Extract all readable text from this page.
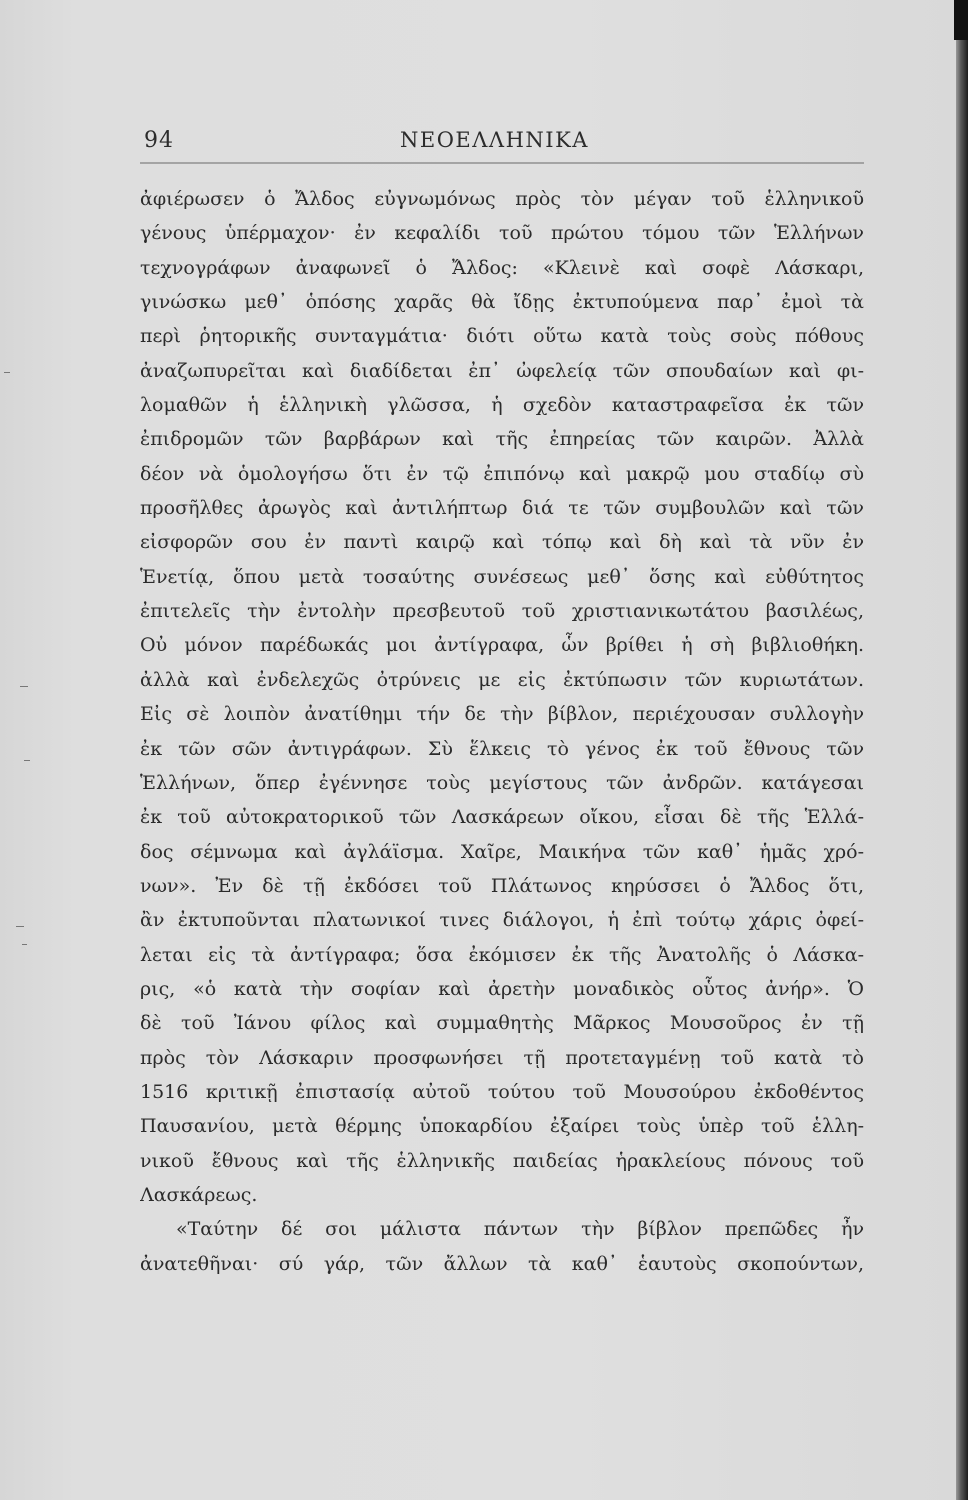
94	ΝΕΟΕΛΛΗΝΙΚΑ
ἀφιέρωσεν ὁ Ἄλδος εὐγνωμόνως πρὸς τὸν μέγαν τοῦ ἑλληνικοῦ
γένους ὑπέρμαχον· ἐν κεφαλίδι τοῦ πρώτου τόμου τῶν Ἑλλήνων
τεχνογράφων ἀναφωνεῖ ὁ Ἄλδος: «Κλεινὲ καὶ σοφὲ Λάσκαρι,
γινώσκω μεθ᾽ ὁπόσης χαρᾶς θὰ ἴδῃς ἐκτυπούμενα παρ᾽ ἐμοὶ τὰ
περὶ ῥητορικῆς συνταγμάτια· διότι οὕτω κατὰ τοὺς σοὺς πόθους
ἀναζωπυρεῖται καὶ διαδίδεται ἐπ᾽ ὠφελείᾳ τῶν σπουδαίων καὶ φι-
λομαθῶν ἡ ἑλληνικὴ γλῶσσα, ἡ σχεδὸν καταστραφεῖσα ἐκ τῶν
ἐπιδρομῶν τῶν βαρβάρων καὶ τῆς ἐπηρείας τῶν καιρῶν. Ἀλλὰ
δέον νὰ ὁμολογήσω ὅτι ἐν τῷ ἐπιπόνῳ καὶ μακρῷ μου σταδίῳ σὺ
προσῆλθες ἀρωγὸς καὶ ἀντιλήπτωρ διά τε τῶν συμβουλῶν καὶ τῶν
εἰσφορῶν σου ἐν παντὶ καιρῷ καὶ τόπῳ καὶ δὴ καὶ τὰ νῦν ἐν
Ἑνετίᾳ, ὅπου μετὰ τοσαύτης συνέσεως μεθ᾽ ὅσης καὶ εὐθύτητος
ἐπιτελεῖς τὴν ἐντολὴν πρεσβευτοῦ τοῦ χριστιανικωτάτου βασιλέως,
Οὐ μόνον παρέδωκάς μοι ἀντίγραφα, ὧν βρίθει ἡ σὴ βιβλιοθήκη.
ἀλλὰ καὶ ἐνδελεχῶς ὀτρύνεις με εἰς ἐκτύπωσιν τῶν κυριωτάτων.
Εἰς σὲ λοιπὸν ἀνατίθημι τήν δε τὴν βίβλον, περιέχουσαν συλλογὴν
ἐκ τῶν σῶν ἀντιγράφων. Σὺ ἕλκεις τὸ γένος ἐκ τοῦ ἔθνους τῶν
Ἑλλήνων, ὅπερ ἐγέννησε τοὺς μεγίστους τῶν ἀνδρῶν. κατάγεσαι
ἐκ τοῦ αὐτοκρατορικοῦ τῶν Λασκάρεων οἴκου, εἶσαι δὲ τῆς Ἑλλά-
δος σέμνωμα καὶ ἀγλάϊσμα. Χαῖρε, Μαικήνα τῶν καθ᾽ ἡμᾶς χρό-
νων». Ἐν δὲ τῇ ἐκδόσει τοῦ Πλάτωνος κηρύσσει ὁ Ἄλδος ὅτι,
ἂν ἐκτυποῦνται πλατωνικοί τινες διάλογοι, ἡ ἐπὶ τούτῳ χάρις ὀφεί-
λεται εἰς τὰ ἀντίγραφα; ὅσα ἐκόμισεν ἐκ τῆς Ἀνατολῆς ὁ Λάσκα-
ρις, «ὁ κατὰ τὴν σοφίαν καὶ ἀρετὴν μοναδικὸς οὗτος ἀνήρ». Ὁ
δὲ τοῦ Ἰάνου φίλος καὶ συμμαθητὴς Μᾶρκος Μουσοῦρος ἐν τῇ
πρὸς τὸν Λάσκαριν προσφωνήσει τῇ προτεταγμένῃ τοῦ κατὰ τὸ
1516 κριτικῇ ἐπιστασίᾳ αὐτοῦ τούτου τοῦ Μουσούρου ἐκδοθέντος
Παυσανίου, μετὰ θέρμης ὑποκαρδίου ἐξαίρει τοὺς ὑπὲρ τοῦ ἑλλη-
νικοῦ ἔθνους καὶ τῆς ἑλληνικῆς παιδείας ἡρακλείους πόνους τοῦ
Λασκάρεως.
«Ταύτην δέ σοι μάλιστα πάντων τὴν βίβλον πρεπῶδες ἦν
ἀνατεθῆναι· σύ γάρ, τῶν ἄλλων τὰ καθ᾽ ἑαυτοὺς σκοπούντων,
